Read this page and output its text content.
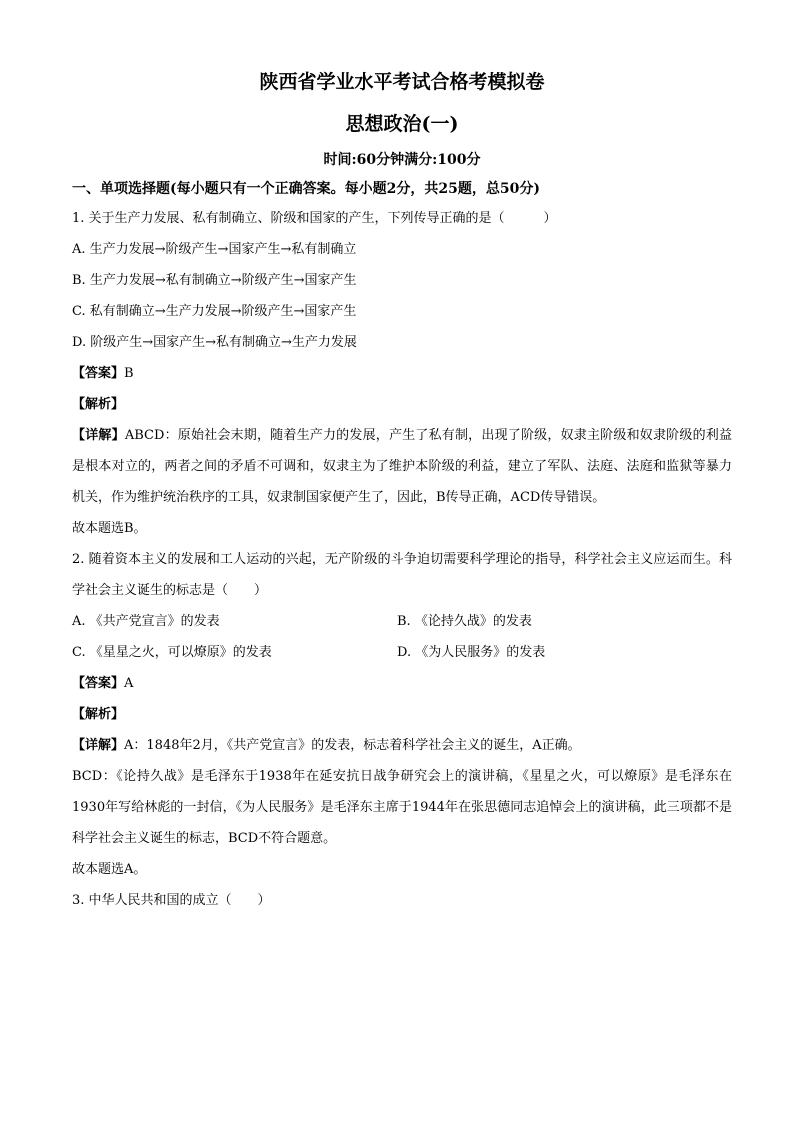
陕西省学业水平考试合格考模拟卷
思想政治(一)
时间:60分钟满分:100分
一、单项选择题(每小题只有一个正确答案。每小题2分，共25题，总50分)
1. 关于生产力发展、私有制确立、阶级和国家的产生，下列传导正确的是（　　　）
A. 生产力发展→阶级产生→国家产生→私有制确立
B. 生产力发展→私有制确立→阶级产生→国家产生
C. 私有制确立→生产力发展→阶级产生→国家产生
D. 阶级产生→国家产生→私有制确立→生产力发展
【答案】B
【解析】
【详解】ABCD：原始社会末期，随着生产力的发展，产生了私有制，出现了阶级，奴隶主阶级和奴隶阶级的利益是根本对立的，两者之间的矛盾不可调和，奴隶主为了维护本阶级的利益，建立了军队、法庭、法庭和监狱等暴力机关，作为维护统治秩序的工具，奴隶制国家便产生了，因此，B传导正确，ACD传导错误。
故本题选B。
2. 随着资本主义的发展和工人运动的兴起，无产阶级的斗争迫切需要科学理论的指导，科学社会主义应运而生。科学社会主义诞生的标志是（　　）
A. 《共产党宣言》的发表	B. 《论持久战》的发表
C. 《星星之火，可以燎原》的发表	D. 《为人民服务》的发表
【答案】A
【解析】
【详解】A：1848年2月，《共产党宣言》的发表，标志着科学社会主义的诞生，A正确。
BCD：《论持久战》是毛泽东于1938年在延安抗日战争研究会上的演讲稿，《星星之火，可以燎原》是毛泽东在1930年写给林彪的一封信，《为人民服务》是毛泽东主席于1944年在张思德同志追悼会上的演讲稿，此三项都不是科学社会主义诞生的标志，BCD不符合题意。
故本题选A。
3. 中华人民共和国的成立（　　）
